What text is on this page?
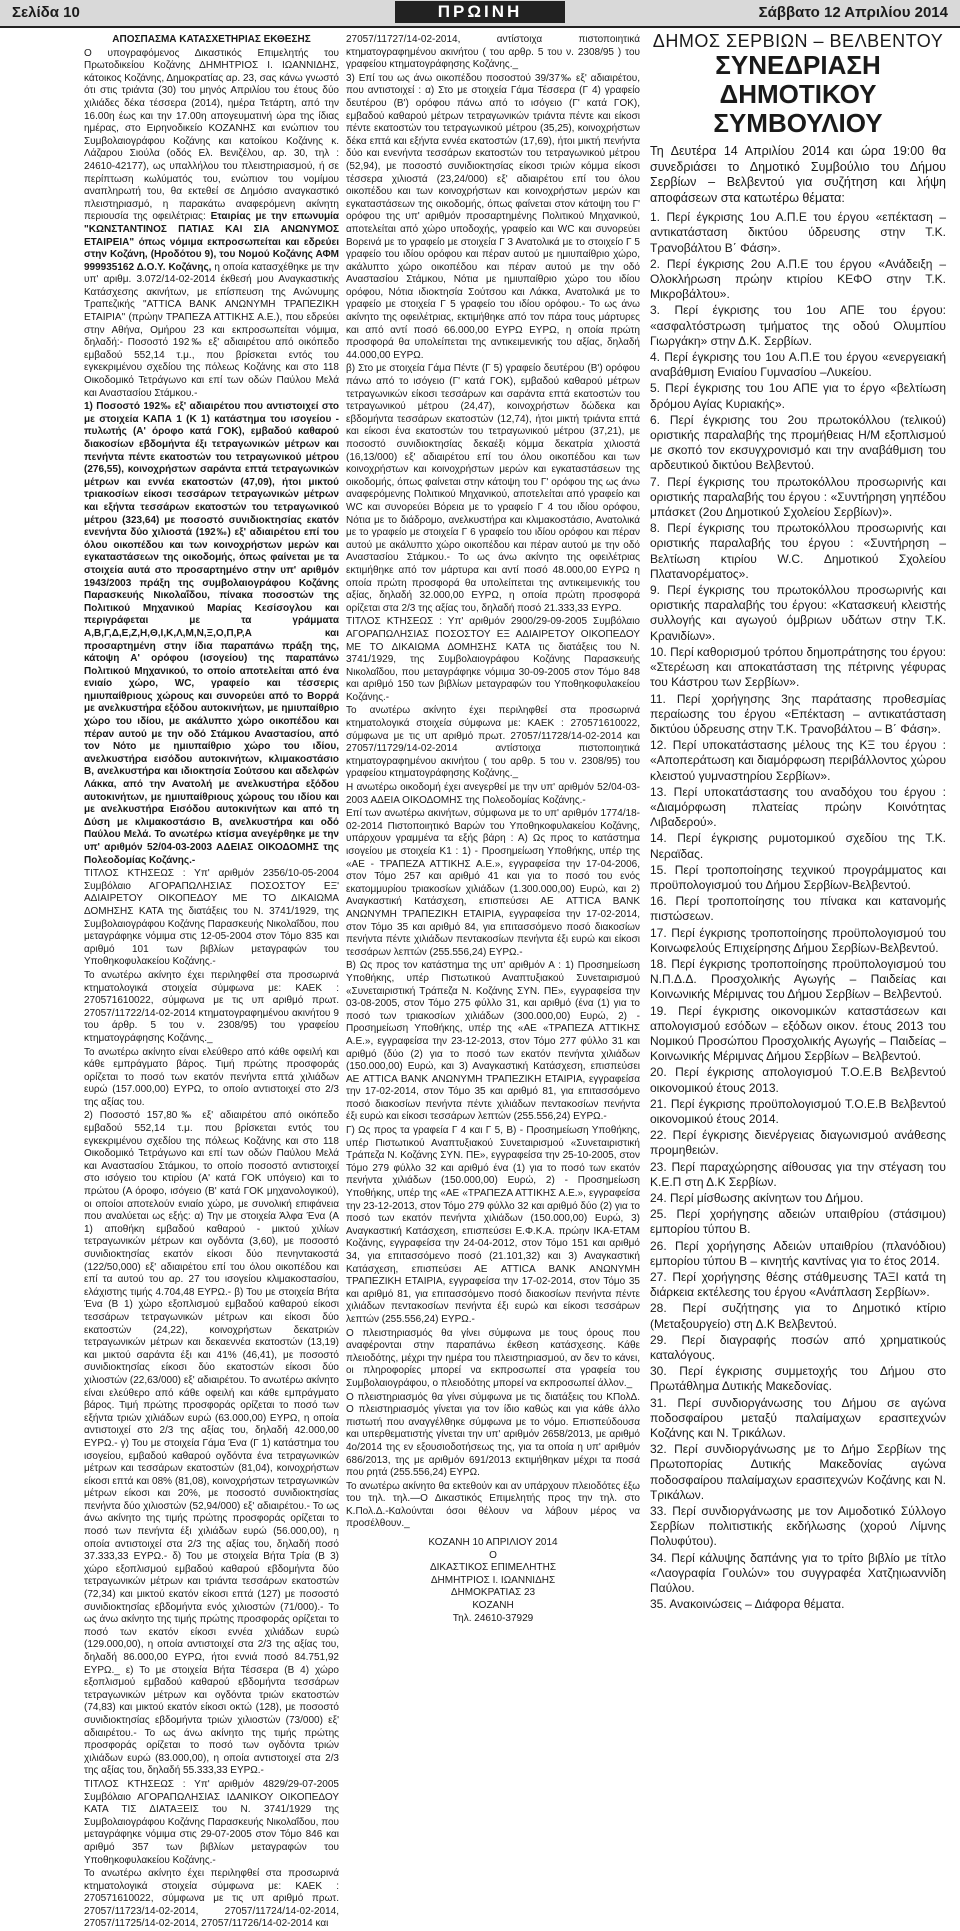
Σελίδα 10	ΠΡΩΙΝΗ	Σάββατο 12 Απριλίου 2014

ΑΠΟΣΠΑΣΜΑ ΚΑΤΑΣΧΕΤΗΡΙΑΣ ΕΚΘΕΣΗΣ

Ο υπογραφόμενος Δικαστικός Επιμελητής του Πρωτοδικείου Κοζάνης ΔΗΜΗΤΡΙΟΣ Ι. ΙΩΑΝΝΙΔΗΣ, κάτοικος Κοζάνης, Δημοκρατίας αρ. 23, σας κάνω γνωστό ότι στις τριάντα (30) του μηνός Απριλίου του έτους δύο χιλιάδες δέκα τέσσερα (2014), ημέρα Τετάρτη, από την 16.00η έως και την 17.00η απογευματινή ώρα της ίδιας ημέρας, στο Ειρηνοδικείο ΚΟΖΑΝΗΣ και ενώπιον του Συμβολαιογράφου Κοζάνης και κατοίκου Κοζάνης κ. Λάζαρου Σιούλα (οδός Ελ. Βενιζέλου, αρ. 30, τηλ : 24610-42177), ως υπαλλήλου του πλειστηριασμού, ή σε περίπτωση κωλύματός του, ενώπιον του νομίμου αναπληρωτή του, θα εκτεθεί σε Δημόσιο αναγκαστικό πλειστηριασμό, η παρακάτω αναφερόμενη ακίνητη περιουσία της οφειλέτριας: Εταιρίας με την επωνυμία "ΚΩΝΣΤΑΝΤΙΝΟΣ ΠΑΤΙΑΣ ΚΑΙ ΣΙΑ ΑΝΩΝΥΜΟΣ ΕΤΑΙΡΕΙΑ" όπως νόμιμα εκπροσωπείται και εδρεύει στην Κοζάνη, (Ηροδότου 9), του Νομού Κοζάνης ΑΦΜ 999935162 Δ.Ο.Υ. Κοζάνης, η οποία κατασχέθηκε με την υπ' αριθμ. 3.072/14-02-2014 έκθεσή μου Αναγκαστικής Κατάσχεσης ακινήτων, με επίσπευση της Ανώνυμης Τραπεζικής "ATTICA BANK ΑΝΩΝΥΜΗ ΤΡΑΠΕΖΙΚΗ ΕΤΑΙΡΙΑ" (πρώην ΤΡΑΠΕΖΑ ΑΤΤΙΚΗΣ Α.Ε.), που εδρεύει στην Αθήνα, Ομήρου 23 και εκπροσωπείται νόμιμα, δηλαδή:- Ποσοστό 192‰ εξ' αδιαιρέτου από οικόπεδο εμβαδού 552,14 τ.μ., που βρίσκεται εντός του εγκεκριμένου σχεδίου της πόλεως Κοζάνης και στο 118 Οικοδομικό Τετράγωνο και επί των οδών Παύλου Μελά και Αναστασίου Στάμκου.-

1) Ποσοστό 192‰ εξ' αδιαιρέτου που αντιστοιχεί στο με στοιχεία ΚΑΠΑ 1 (Κ 1) κατάστημα του ισογείου - πυλωτής (Α' όροφο κατά ΓΟΚ), εμβαδού καθαρού διακοσίων εβδομήντα έξι τετραγωνικών μέτρων και πενήντα πέντε εκατοστών του τετραγωνικού μέτρου (276,55), κοινοχρήστων σαράντα επτά τετραγωνικών μέτρων και εννέα εκατοστών (47,09), ήτοι μικτού τριακοσίων είκοσι τεσσάρων τετραγωνικών μέτρων και εξήντα τεσσάρων εκατοστών του τετραγωνικού μέτρου (323,64) με ποσοστό συνιδιοκτησίας εκατόν ενενήντα δύο χιλιοστά (192‰) εξ' αδιαιρέτου επί του όλου οικοπέδου και των κοινοχρήστων μερών και εγκαταστάσεων της οικοδομής, όπως φαίνεται με τα στοιχεία αυτά στο προσαρτημένο στην υπ' αριθμόν 1943/2003 πράξη της συμβολαιογράφου Κοζάνης Παρασκευής Νικολαΐδου, πίνακα ποσοστών της Πολιτικού Μηχανικού Μαρίας Κεσίσογλου και περιγράφεται με τα γράμματα Α,Β,Γ,Δ,Ε,Ζ,Η,Θ,Ι,Κ,Λ,Μ,Ν,Ξ,Ο,Π,Ρ,Α και προσαρτημένη στην ίδια παραπάνω πράξη της, κάτοψη Α' ορόφου (ισογείου) της παραπάνω Πολιτικού Μηχανικού, το οποίο αποτελείται από ένα ενιαίο χώρο, WC, γραφείο και τέσσερις ημιυπαίθριους χώρους και συνορεύει από το Βορρά με ανελκυστήρα εξόδου αυτοκινήτων, με ημιυπαίθριο χώρο του ιδίου, με ακάλυπτο χώρο οικοπέδου και πέραν αυτού με την οδό Στάμκου Αναστασίου, από τον Νότο με ημιυπαίθριο χώρο του ιδίου, ανελκυστήρα εισόδου αυτοκινήτων, κλιμακοστάσιο Β, ανελκυστήρα και ιδιοκτησία Σούτσου και αδελφών Λάκκα, από την Ανατολή με ανελκυστήρα εξόδου αυτοκινήτων, με ημιυπαίθριους χώρους του ιδίου και με ανελκυστήρα Εισόδου αυτοκινήτων και από τη Δύση με κλιμακοστάσιο Β, ανελκυστήρα και οδό Παύλου Μελά. Το ανωτέρω κτίσμα ανεγέρθηκε με την υπ' αριθμόν 52/04-03-2003 ΑΔΕΙΑΣ ΟΙΚΟΔΟΜΗΣ της Πολεοδομίας Κοζάνης.-

ΤΙΤΛΟΣ ΚΤΗΣΕΩΣ : Υπ' αριθμόν 2356/10-05-2004 Συμβόλαιο ΑΓΟΡΑΠΩΛΗΣΙΑΣ ΠΟΣΟΣΤΟΥ ΕΞ' ΑΔΙΑΙΡΕΤΟΥ ΟΙΚΟΠΕΔΟΥ ΜΕ ΤΟ ΔΙΚΑΙΩΜΑ ΔΟΜΗΣΗΣ ΚΑΤΑ της διατάξεις του Ν. 3741/1929, της Συμβολαιογράφου Κοζάνης Παρασκευής Νικολαΐδου, που μεταγράφηκε νόμιμα στις 12-05-2004 στον Τόμο 835 και αριθμό 101 των βιβλίων μεταγραφών του Υποθηκοφυλακείου Κοζάνης.-

Το ανωτέρω ακίνητο έχει περιληφθεί στα προσωρινά κτηματολογικά στοιχεία σύμφωνα με: ΚΑΕΚ : 270571610022, σύμφωνα με τις υπ αριθμό πρωτ. 27057/11722/14-02-2014 κτηματογραφημένου ακινήτου 9 του άρθρ. 5 του ν. 2308/95) του γραφείου κτηματογράφησης Κοζάνης._

Το ανωτέρω ακίνητο είναι ελεύθερο από κάθε οφειλή και κάθε εμπράγματο βάρος. Τιμή πρώτης προσφοράς ορίζεται το ποσό των εκατόν πενήντα επτά χιλιάδων ευρώ (157.000,00) ΕΥΡΩ, το οποίο αντιστοιχεί στο 2/3 της αξίας του.

2) Ποσοστό 157,80‰ εξ' αδιαιρέτου από οικόπεδο εμβαδού 552,14 τ.μ. που βρίσκεται εντός του εγκεκριμένου σχεδίου της πόλεως Κοζάνης και στο 118 Οικοδομικό Τετράγωνο και επί των οδών Παύλου Μελά και Αναστασίου Στάμκου, το οποίο ποσοστό αντιστοιχεί στο ισόγειο του κτιρίου (Α' κατά ΓΟΚ υπόγειο) και το πρώτου (Α όροφο, ισόγειο (Β' κατά ΓΟΚ μηχανολογικού), οι οποίοι αποτελούν ενιαίο χώρο, με συνολική επιφάνεια που αναλύεται ως εξής: α) Την με στοιχεία Άλφα Ένα (Α 1) αποθήκη εμβαδού καθαρού - μικτού χιλίων τετραγωνικών μέτρων και ογδόντα (3,60), με ποσοστό συνιδιοκτησίας εκατόν είκοσι δύο πενηντακοστά (122/50,000) εξ' αδιαιρέτου επί του όλου οικοπέδου και επί τα αυτού του αρ. 27 του ισογείου κλιμακοστασίου, ελάχιστης τιμής 4.704,48 ΕΥΡΩ.- β) Του με στοιχεία Βήτα Ένα (Β 1) χώρο εξοπλισμού εμβαδού καθαρού είκοσι τεσσάρων τετραγωνικών μέτρων και είκοσι δύο εκατοστών (24,22), κοινοχρήστων δεκατριών τετραγωνικών μέτρων και δεκαεννέα εκατοστών (13,19) και μικτού σαράντα έξι και 41% (46,41), με ποσοστό συνιδιοκτησίας είκοσι δύο εκατοστών είκοσι δύο χιλιοστών (22,63/000) εξ' αδιαιρέτου. Το ανωτέρω ακίνητο είναι ελεύθερο από κάθε οφειλή και κάθε εμπράγματο βάρος. Τιμή πρώτης προσφοράς ορίζεται το ποσό των εξήντα τριών χιλιάδων ευρώ (63.000,00) ΕΥΡΩ, η οποία αντιστοιχεί στο 2/3 της αξίας του, δηλαδή 42.000,00 ΕΥΡΩ.- γ) Του με στοιχεία Γάμα Ένα (Γ 1) κατάστημα του ισογείου, εμβαδού καθαρού ογδόντα ένα τετραγωνικών μέτρων και τεσσάρων εκατοστών (81,04), κοινοχρήστων είκοσι επτά και 08% (81,08), κοινοχρήστων τετραγωνικών μέτρων είκοσι και 20%, με ποσοστό συνιδιοκτησίας πενήντα δύο χιλιοστών (52,94/000) εξ' αδιαιρέτου.- Το ως άνω ακίνητο της τιμής πρώτης προσφοράς ορίζεται το ποσό των πενήντα έξι χιλιάδων ευρώ (56.000,00), η οποία αντιστοιχεί στα 2/3 της αξίας του, δηλαδή ποσό 37.333,33 ΕΥΡΩ.- δ) Του με στοιχεία Βήτα Τρία (Β 3) χώρο εξοπλισμού εμβαδού καθαρού εβδομήντα δύο τετραγωνικών μέτρων και τριάντα τεσσάρων εκατοστών (72,34) και μικτού εκατόν είκοσι επτά (127) με ποσοστό συνιδιοκτησίας εβδομήντα ενός χιλιοστών (71/000).- Το ως άνω ακίνητο της τιμής πρώτης προσφοράς ορίζεται το ποσό των εκατόν είκοσι εννέα χιλιάδων ευρώ (129.000,00), η οποία αντιστοιχεί στα 2/3 της αξίας του, δηλαδή 86.000,00 ΕΥΡΩ, ήτοι εννιά ποσό 84.751,92 ΕΥΡΩ._ ε) Το με στοιχεία Βήτα Τέσσερα (Β 4) χώρο εξοπλισμού εμβαδού καθαρού εβδομήντα τεσσάρων τετραγωνικών μέτρων και ογδόντα τριών εκατοστών (74,83) και μικτού εκατόν είκοσι οκτώ (128), με ποσοστό συνιδιοκτησίας εβδομήντα τριών χιλιοστών (73/000) εξ' αδιαιρέτου.- Το ως άνω ακίνητο της τιμής πρώτης προσφοράς ορίζεται το ποσό των ογδόντα τριών χιλιάδων ευρώ (83.000,00), η οποία αντιστοιχεί στα 2/3 της αξίας του, δηλαδή 55.333,33 ΕΥΡΩ.-

ΤΙΤΛΟΣ ΚΤΗΣΕΩΣ : Υπ' αριθμόν 4829/29-07-2005 Συμβόλαιο ΑΓΟΡΑΠΩΛΗΣΙΑΣ ΙΔΑΝΙΚΟΥ ΟΙΚΟΠΕΔΟΥ ΚΑΤΑ ΤΙΣ ΔΙΑΤΑΞΕΙΣ του Ν. 3741/1929 της Συμβολαιογράφου Κοζάνης Παρασκευής Νικολαΐδου, που μεταγράφηκε νόμιμα στις 29-07-2005 στον Τόμο 846 και αριθμό 357 των βιβλίων μεταγραφών του Υποθηκοφυλακείου Κοζάνης.-

Το ανωτέρω ακίνητο έχει περιληφθεί στα προσωρινά κτηματολογικά στοιχεία σύμφωνα με: ΚΑΕΚ : 270571610022, σύμφωνα με τις υπ αριθμό πρωτ. 27057/11723/14-02-2014, 27057/11724/14-02-2014, 27057/11725/14-02-2014, 27057/11726/14-02-2014 και

27057/11727/14-02-2014, αντίστοιχα πιστοποιητικά κτηματογραφημένου ακινήτου ( του αρθρ. 5 του ν. 2308/95 ) του γραφείου κτηματογράφησης Κοζάνης._

3) Επί του ως άνω οικοπέδου ποσοστού 39/37‰ εξ' αδιαιρέτου, που αντιστοιχεί : α) Στο με στοιχεία Γάμα Τέσσερα (Γ 4) γραφείο δευτέρου (Β') ορόφου πάνω από το ισόγειο (Γ' κατά ΓΟΚ), εμβαδού καθαρού μέτρων τετραγωνικών τριάντα πέντε και είκοσι πέντε εκατοστών του τετραγωνικού μέτρου (35,25), κοινοχρήστων δέκα επτά και εξήντα εννέα εκατοστών (17,69), ήτοι μικτή πενήντα δύο και ενενήντα τεσσάρων εκατοστών του τετραγωνικού μέτρου (52,94), με ποσοστό συνιδιοκτησίας είκοσι τριών κόμμα είκοσι τέσσερα χιλιοστά (23,24/000) εξ' αδιαιρέτου επί του όλου οικοπέδου και των κοινοχρήστων και κοινοχρήστων μερών και εγκαταστάσεων της οικοδομής, όπως φαίνεται στον κάτοψη του Γ' ορόφου της υπ' αριθμόν προσαρτημένης Πολιτικού Μηχανικού, αποτελείται από χώρο υποδοχής, γραφείο και WC και συνορεύει Βορεινά με το γραφείο με στοιχεία Γ 3 Ανατολικά με το στοιχείο Γ 5 γραφείο του ιδίου ορόφου και πέραν αυτού με ημιυπαίθριο χώρο, ακάλυπτο χώρο οικοπέδου και πέραν αυτού με την οδό Αναστασίου Στάμκου, Νότια με ημιυπαίθριο χώρο του ιδίου ορόφου, Νότια ιδιοκτησία Σούτσου και Λάκκα, Ανατολικά με το γραφείο με στοιχεία Γ 5 γραφείο του ιδίου ορόφου.- Το ως άνω ακίνητο της οφειλέτριας, εκτιμήθηκε από τον πάρα τους μάρτυρες και από αντί ποσό 66.000,00 ΕΥΡΩ ΕΥΡΩ, η οποία πρώτη προσφορά θα υπολείπεται της αντικειμενικής του αξίας, δηλαδή 44.000,00 ΕΥΡΩ.

β) Στο με στοιχεία Γάμα Πέντε (Γ 5) γραφείο δευτέρου (Β') ορόφου πάνω από το ισόγειο (Γ' κατά ΓΟΚ), εμβαδού καθαρού μέτρων τετραγωνικών είκοσι τεσσάρων και σαράντα επτά εκατοστών του τετραγωνικού μέτρου (24,47), κοινοχρήστων δώδεκα και εβδομήντα τεσσάρων εκατοστών (12,74), ήτοι μικτή τριάντα επτά και είκοσι ένα εκατοστών του τετραγωνικού μέτρου (37,21), με ποσοστό συνιδιοκτησίας δεκαέξι κόμμα δεκατρία χιλιοστά (16,13/000) εξ' αδιαιρέτου επί του όλου οικοπέδου και των κοινοχρήστων και κοινοχρήστων μερών και εγκαταστάσεων της οικοδομής, όπως φαίνεται στην κάτοψη του Γ' ορόφου της ως άνω αναφερόμενης Πολιτικού Μηχανικού, αποτελείται από γραφείο και WC και συνορεύει Βόρεια με το γραφείο Γ 4 του ιδίου ορόφου, Νότια με το διάδρομο, ανελκυστήρα και κλιμακοστάσιο, Ανατολικά με το γραφείο με στοιχεία Γ 6 γραφείο του ιδίου ορόφου και πέραν αυτού με ακάλυπτο χώρο οικοπέδου και πέραν αυτού με την οδό Αναστασίου Στάμκου.- Το ως άνω ακίνητο της οφειλέτριας εκτιμήθηκε από τον μάρτυρα και αντί ποσό 48.000,00 ΕΥΡΩ η οποία πρώτη προσφορά θα υπολείπεται της αντικειμενικής του αξίας, δηλαδή 32.000,00 ΕΥΡΩ, η οποία πρώτη προσφορά ορίζεται στα 2/3 της αξίας του, δηλαδή ποσό 21.333,33 ΕΥΡΩ.

ΤΙΤΛΟΣ ΚΤΗΣΕΩΣ : Υπ' αριθμόν 2900/29-09-2005 Συμβόλαιο ΑΓΟΡΑΠΩΛΗΣΙΑΣ ΠΟΣΟΣΤΟΥ ΕΞ ΑΔΙΑΙΡΕΤΟΥ ΟΙΚΟΠΕΔΟΥ ΜΕ ΤΟ ΔΙΚΑΙΩΜΑ ΔΟΜΗΣΗΣ ΚΑΤΑ τις διατάξεις του Ν. 3741/1929, της Συμβολαιογράφου Κοζάνης Παρασκευής Νικολαΐδου, που μεταγράφηκε νόμιμα 30-09-2005 στον Τόμο 848 και αριθμό 150 των βιβλίων μεταγραφών του Υποθηκοφυλακείου Κοζάνης.-

Το ανωτέρω ακίνητο έχει περιληφθεί στα προσωρινά κτηματολογικά στοιχεία σύμφωνα με: ΚΑΕΚ : 270571610022, σύμφωνα με τις υπ αριθμό πρωτ. 27057/11728/14-02-2014 και 27057/11729/14-02-2014 αντίστοιχα πιστοποιητικά κτηματογραφημένου ακινήτου ( του αρθρ. 5 του ν. 2308/95) του γραφείου κτηματογράφησης Κοζάνης._

Η ανωτέρω οικοδομή έχει ανεγερθεί με την υπ' αριθμόν 52/04-03-2003 ΑΔΕΙΑ ΟΙΚΟΔΟΜΗΣ της Πολεοδομίας Κοζάνης.-

Επί των ανωτέρω ακινήτων, σύμφωνα με το υπ' αριθμόν 1774/18-02-2014 Πιστοποιητικό Βαρών του Υποθηκοφυλακείου Κοζάνης, υπάρχουν γραμμένα τα εξής βάρη : Α) Ως προς το κατάστημα ισογείου με στοιχεία Κ1 : 1) - Προσημείωση Υποθήκης, υπέρ της «ΑΕ - ΤΡΑΠΕΖΑ ΑΤΤΙΚΗΣ Α.Ε.», εγγραφείσα την 17-04-2006, στον Τόμο 257 και αριθμό 41 και για το ποσό του ενός εκατομμυρίου τριακοσίων χιλιάδων (1.300.000,00) Ευρώ, και 2) Αναγκαστική Κατάσχεση, επισπεύσει ΑΕ ATTICA BANK ΑΝΩΝΥΜΗ ΤΡΑΠΕΖΙΚΗ ΕΤΑΙΡΙΑ, εγγραφείσα την 17-02-2014, στον Τόμο 35 και αριθμό 84, για επιτασσόμενο ποσό διακοσίων πενήντα πέντε χιλιάδων πεντακοσίων πενήντα έξι ευρώ και είκοσι τεσσάρων λεπτών (255.556,24) ΕΥΡΩ.-

Β) Ως προς τον κατάστημα της υπ' αριθμόν Α : 1) Προσημείωση Υποθήκης, υπέρ Πιστωτικού Αναπτυξιακού Συνεταιρισμού «Συνεταιριστική Τράπεζα Ν. Κοζάνης ΣΥΝ. ΠΕ», εγγραφείσα την 03-08-2005, στον Τόμο 275 φύλλο 31, και αριθμό (ένα (1) για το ποσό των τριακοσίων χιλιάδων (300.000,00) Ευρώ, 2) - Προσημείωση Υποθήκης, υπέρ της «ΑΕ «ΤΡΑΠΕΖΑ ΑΤΤΙΚΗΣ Α.Ε.», εγγραφείσα την 23-12-2013, στον Τόμο 277 φύλλο 31 και αριθμό (δύο (2) για το ποσό των εκατόν πενήντα χιλιάδων (150.000,00) Ευρώ, και 3) Αναγκαστική Κατάσχεση, επισπεύσει ΑΕ ATTICA BANK ΑΝΩΝΥΜΗ ΤΡΑΠΕΖΙΚΗ ΕΤΑΙΡΙΑ, εγγραφείσα την 17-02-2014, στον Τόμο 35 και αριθμό 81, για επιτασσόμενο ποσό διακοσίων πενήντα πέντε χιλιάδων πεντακοσίων πενήντα έξι ευρώ και είκοσι τεσσάρων λεπτών (255.556,24) ΕΥΡΩ.-

Γ) Ως προς τα γραφεία Γ 4 και Γ 5, Β) - Προσημείωση Υποθήκης, υπέρ Πιστωτικού Αναπτυξιακού Συνεταιρισμού «Συνεταιριστική Τράπεζα Ν. Κοζάνης ΣΥΝ. ΠΕ», εγγραφείσα την 25-10-2005, στον Τόμο 279 φύλλο 32 και αριθμό ένα (1) για το ποσό των εκατόν πενήντα χιλιάδων (150.000,00) Ευρώ, 2) - Προσημείωση Υποθήκης, υπέρ της «ΑΕ «ΤΡΑΠΕΖΑ ΑΤΤΙΚΗΣ Α.Ε.», εγγραφείσα την 23-12-2013, στον Τόμο 279 φύλλο 32 και αριθμό δύο (2) για το ποσό των εκατόν πενήντα χιλιάδων (150.000,00) Ευρώ, 3) Αναγκαστική Κατάσχεση, επισπεύσει Ε.Φ.Κ.Α. πρώην ΙΚΑ-ΕΤΑΜ Κοζάνης, εγγραφείσα την 24-04-2012, στον Τόμο 151 και αριθμό 34, για επιτασσόμενο ποσό (21.101,32) και 3) Αναγκαστική Κατάσχεση, επισπεύσει ΑΕ ATTICA BANK ΑΝΩΝΥΜΗ ΤΡΑΠΕΖΙΚΗ ΕΤΑΙΡΙΑ, εγγραφείσα την 17-02-2014, στον Τόμο 35 και αριθμό 81, για επιτασσόμενο ποσό διακοσίων πενήντα πέντε χιλιάδων πεντακοσίων πενήντα έξι ευρώ και είκοσι τεσσάρων λεπτών (255.556,24) ΕΥΡΩ.-

Ο πλειστηριασμός θα γίνει σύμφωνα με τους όρους που αναφέρονται στην παραπάνω έκθεση κατάσχεσης. Κάθε πλειοδότης, μέχρι την ημέρα του πλειστηριασμού, αν δεν το κάνει, οι πληροφορίες μπορεί να εκπροσωπεί στα γραφεία του Συμβολαιογράφου, ο πλειοδότης μπορεί να εκπροσωπεί άλλον._

Ο πλειστηριασμός θα γίνει σύμφωνα με τις διατάξεις του ΚΠολΔ. Ο πλειστηριασμός γίνεται για τον ίδιο καθώς και για κάθε άλλο πιστωτή που αναγγέλθηκε σύμφωνα με το νόμο. Επισπεύδουσα και υπερθεματιστής γίνεται την υπ' αριθμόν 2658/2013, με αριθμό 4ο/2014 της εν εξουσιοδοτήσεως της, για τα οποία η υπ' αριθμόν 686/2013, της με αριθμόν 691/2013 εκτιμήθηκαν μέχρι τα ποσά που ρητά (255.556,24) ΕΥΡΩ.

Το ανωτέρω ακίνητο θα εκτεθούν και αν υπάρχουν πλειοδότες έξω του τηλ. τηλ.—Ο Δικαστικός Επιμελητής προς την τηλ. στο Κ.Πολ.Δ.-Καλούνται όσοι θέλουν να λάβουν μέρος να προσέλθουν._

ΚΟΖΑΝΗ 10 ΑΠΡΙΛΙΟΥ 2014
Ο
ΔΙΚΑΣΤΙΚΟΣ ΕΠΙΜΕΛΗΤΗΣ
ΔΗΜΗΤΡΙΟΣ Ι. ΙΩΑΝΝΙΔΗΣ
ΔΗΜΟΚΡΑΤΙΑΣ 23
ΚΟΖΑΝΗ
Τηλ. 24610-37929
ΔΗΜΟΣ ΣΕΡΒΙΩΝ – ΒΕΛΒΕΝΤΟΥ
ΣΥΝΕΔΡΙΑΣΗ ΔΗΜΟΤΙΚΟΥ ΣΥΜΒΟΥΛΙΟΥ
Τη Δευτέρα 14 Απριλίου 2014 και ώρα 19:00 θα συνεδριάσει το Δημοτικό Συμβούλιο του Δήμου Σερβίων – Βελβεντού για συζήτηση και λήψη αποφάσεων στα κατωτέρω θέματα:
1. Περί έγκρισης 1ου Α.Π.Ε του έργου «επέκταση – αντικατάσταση δικτύου ύδρευσης στην Τ.Κ. Τρανοβάλτου Β΄ Φάση».
2. Περί έγκρισης 2ου Α.Π.Ε του έργου «Ανάδειξη – Ολοκλήρωση πρώην κτιρίου ΚΕΦΟ στην Τ.Κ. Μικροβάλτου».
3. Περί έγκρισης του 1ου ΑΠΕ του έργου: «ασφαλτόστρωση τμήματος της οδού Ολυμπίου Γιωργάκη» στην Δ.Κ. Σερβίων.
4. Περί έγκρισης του 1ου Α.Π.Ε του έργου «ενεργειακή αναβάθμιση Ενιαίου Γυμνασίου –Λυκείου.
5. Περί έγκρισης του 1ου ΑΠΕ για το έργο «βελτίωση δρόμου Αγίας Κυριακής».
6. Περί έγκρισης του 2ου πρωτοκόλλου (τελικού) οριστικής παραλαβής της προμήθειας Η/Μ εξοπλισμού με σκοπό τον εκσυγχρονισμό και την αναβάθμιση του αρδευτικού δικτύου Βελβεντού.
7. Περί έγκρισης του πρωτοκόλλου προσωρινής και οριστικής παραλαβής του έργου : «Συντήρηση γηπέδου μπάσκετ (2ου Δημοτικού Σχολείου Σερβίων)».
8. Περί έγκρισης του πρωτοκόλλου προσωρινής και οριστικής παραλαβής του έργου : «Συντήρηση – Βελτίωση κτιρίου W.C. Δημοτικού Σχολείου Πλατανορέματος».
9. Περί έγκρισης του πρωτοκόλλου προσωρινής και οριστικής παραλαβής του έργου: «Κατασκευή κλειστής συλλογής και αγωγού όμβριων υδάτων στην Τ.Κ. Κρανιδίων».
10. Περί καθορισμού τρόπου δημοπράτησης του έργου: «Στερέωση και αποκατάσταση της πέτρινης γέφυρας του Κάστρου των Σερβίων».
11. Περί χορήγησης 3ης παράτασης προθεσμίας περαίωσης του έργου «Επέκταση – αντικατάσταση δικτύου ύδρευσης στην Τ.Κ. Τρανοβάλτου – Β΄ Φάση».
12. Περί υποκατάστασης μέλους της ΚΞ του έργου : «Αποπεράτωση και διαμόρφωση περιβάλλοντος χώρου κλειστού γυμναστηρίου Σερβίων».
13. Περί υποκατάστασης του αναδόχου του έργου : «Διαμόρφωση πλατείας πρώην Κοινότητας Λιβαδερού».
14. Περί έγκρισης ρυμοτομικού σχεδίου της Τ.Κ. Νεραϊδας.
15. Περί τροποποίησης τεχνικού προγράμματος και προϋπολογισμού του Δήμου Σερβίων-Βελβεντού.
16. Περί τροποποίησης του πίνακα και κατανομής πιστώσεων.
17. Περί έγκρισης τροποποίησης προϋπολογισμού του Κοινωφελούς Επιχείρησης Δήμου Σερβίων-Βελβεντού.
18. Περί έγκρισης τροποποίησης προϋπολογισμού του Ν.Π.Δ.Δ. Προσχολικής Αγωγής – Παιδείας και Κοινωνικής Μέριμνας του Δήμου Σερβίων – Βελβεντού.
19. Περί έγκρισης οικονομικών καταστάσεων και απολογισμού εσόδων – εξόδων οικον. έτους 2013 του Νομικού Προσώπου Προσχολικής Αγωγής – Παιδείας – Κοινωνικής Μέριμνας Δήμου Σερβίων – Βελβεντού.
20. Περί έγκρισης απολογισμού Τ.Ο.Ε.Β Βελβεντού οικονομικού έτους 2013.
21. Περί έγκρισης προϋπολογισμού Τ.Ο.Ε.Β Βελβεντού οικονομικού έτους 2014.
22. Περί έγκρισης διενέργειας διαγωνισμού ανάθεσης προμηθειών.
23. Περί παραχώρησης αίθουσας για την στέγαση του Κ.Ε.Π στη Δ.Κ Σερβίων.
24. Περί μίσθωσης ακίνητων του Δήμου.
25. Περί χορήγησης αδειών υπαιθρίου (στάσιμου) εμπορίου τύπου Β.
26. Περί χορήγησης Αδειών υπαιθρίου (πλανόδιου) εμπορίου τύπου Β – κινητής καντίνας για το έτος 2014.
27. Περί χορήγησης θέσης στάθμευσης ΤΑΞΙ κατά τη διάρκεια εκτέλεσης του έργου «Ανάπλαση Σερβίων».
28. Περί συζήτησης για το Δημοτικό κτίριο (Μεταξουργείο) στη Δ.Κ Βελβεντού.
29. Περί διαγραφής ποσών από χρηματικούς καταλόγους.
30. Περί έγκρισης συμμετοχής του Δήμου στο Πρωτάθλημα Δυτικής Μακεδονίας.
31. Περί συνδιοργάνωσης του Δήμου σε αγώνα ποδοσφαίρου μεταξύ παλαίμαχων ερασιτεχνών Κοζάνης και Ν. Τρικάλων.
32. Περί συνδιοργάνωσης με το Δήμο Σερβίων της Πρωτοπορίας Δυτικής Μακεδονίας αγώνα ποδοσφαίρου παλαίμαχων ερασιτεχνών Κοζάνης και Ν. Τρικάλων.
33. Περί συνδιοργάνωσης με τον Αιμοδοτικό Σύλλογο Σερβίων πολιτιστικής εκδήλωσης (χορού Λίμνης Πολυφύτου).
34. Περί κάλυψης δαπάνης για το τρίτο βιβλίο με τίτλο «Λαογραφία Γουλών» του συγγραφέα Χατζηιωαννίδη Παύλου.
35. Ανακοινώσεις – Διάφορα θέματα.
